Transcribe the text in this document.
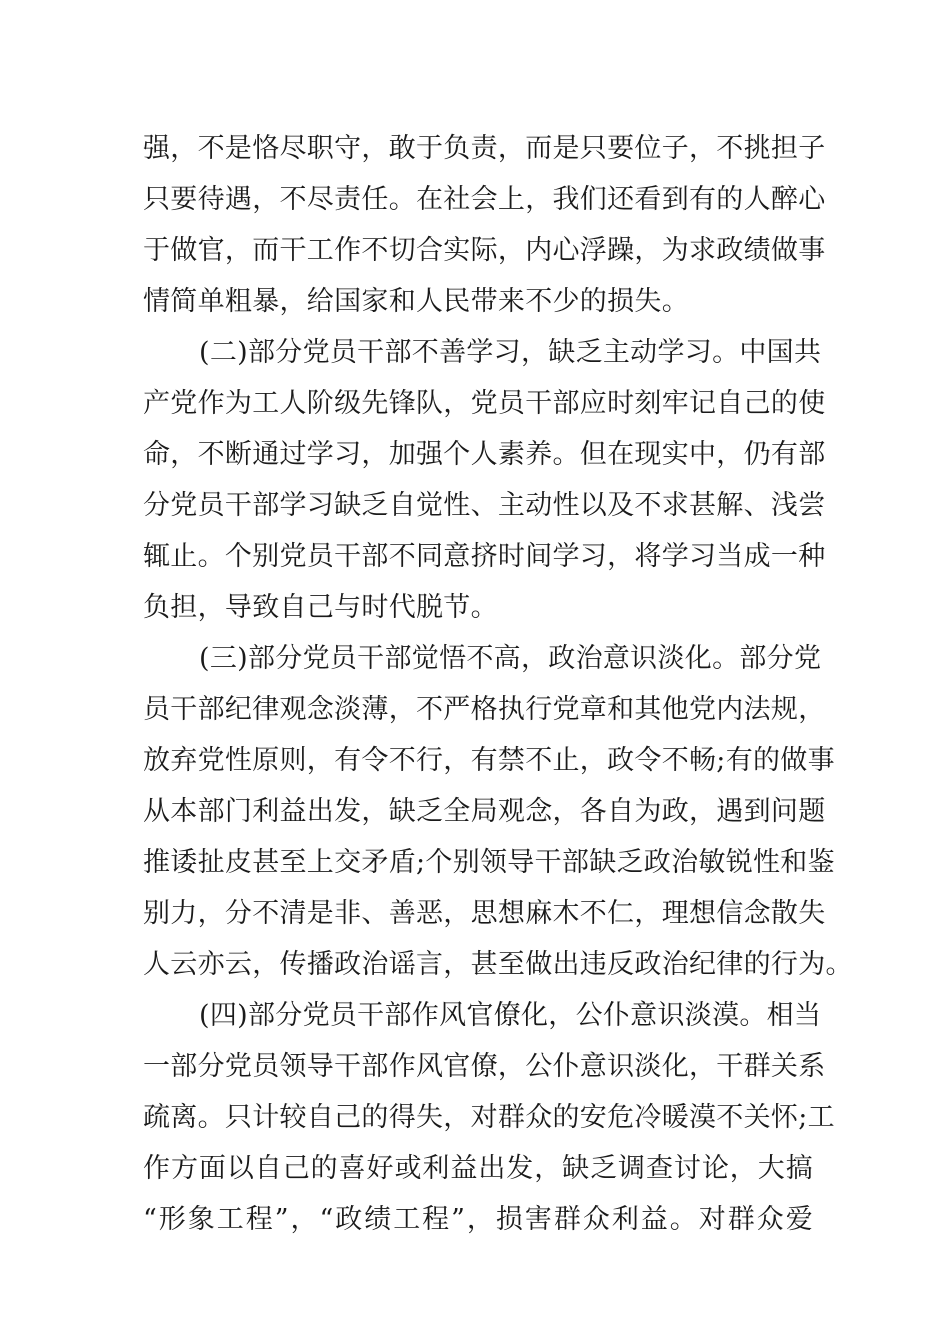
强，不是恪尽职守，敢于负责，而是只要位子，不挑担子
只要待遇，不尽责任。在社会上，我们还看到有的人醉心
于做官，而干工作不切合实际，内心浮躁，为求政绩做事
情简单粗暴，给国家和人民带来不少的损失。
(二)部分党员干部不善学习，缺乏主动学习。中国共
产党作为工人阶级先锋队，党员干部应时刻牢记自己的使
命，不断通过学习，加强个人素养。但在现实中，仍有部
分党员干部学习缺乏自觉性、主动性以及不求甚解、浅尝
辄止。个别党员干部不同意挤时间学习，将学习当成一种
负担，导致自己与时代脱节。
(三)部分党员干部觉悟不高，政治意识淡化。部分党
员干部纪律观念淡薄，不严格执行党章和其他党内法规，
放弃党性原则，有令不行，有禁不止，政令不畅;有的做事
从本部门利益出发，缺乏全局观念，各自为政，遇到问题
推诿扯皮甚至上交矛盾;个别领导干部缺乏政治敏锐性和鉴
别力，分不清是非、善恶，思想麻木不仁，理想信念散失
人云亦云，传播政治谣言，甚至做出违反政治纪律的行为。
(四)部分党员干部作风官僚化，公仆意识淡漠。相当
一部分党员领导干部作风官僚，公仆意识淡化，干群关系
疏离。只计较自己的得失，对群众的安危冷暖漠不关怀;工
作方面以自己的喜好或利益出发，缺乏调查讨论，大搞
“形象工程”，“政绩工程”，损害群众利益。对群众爱
